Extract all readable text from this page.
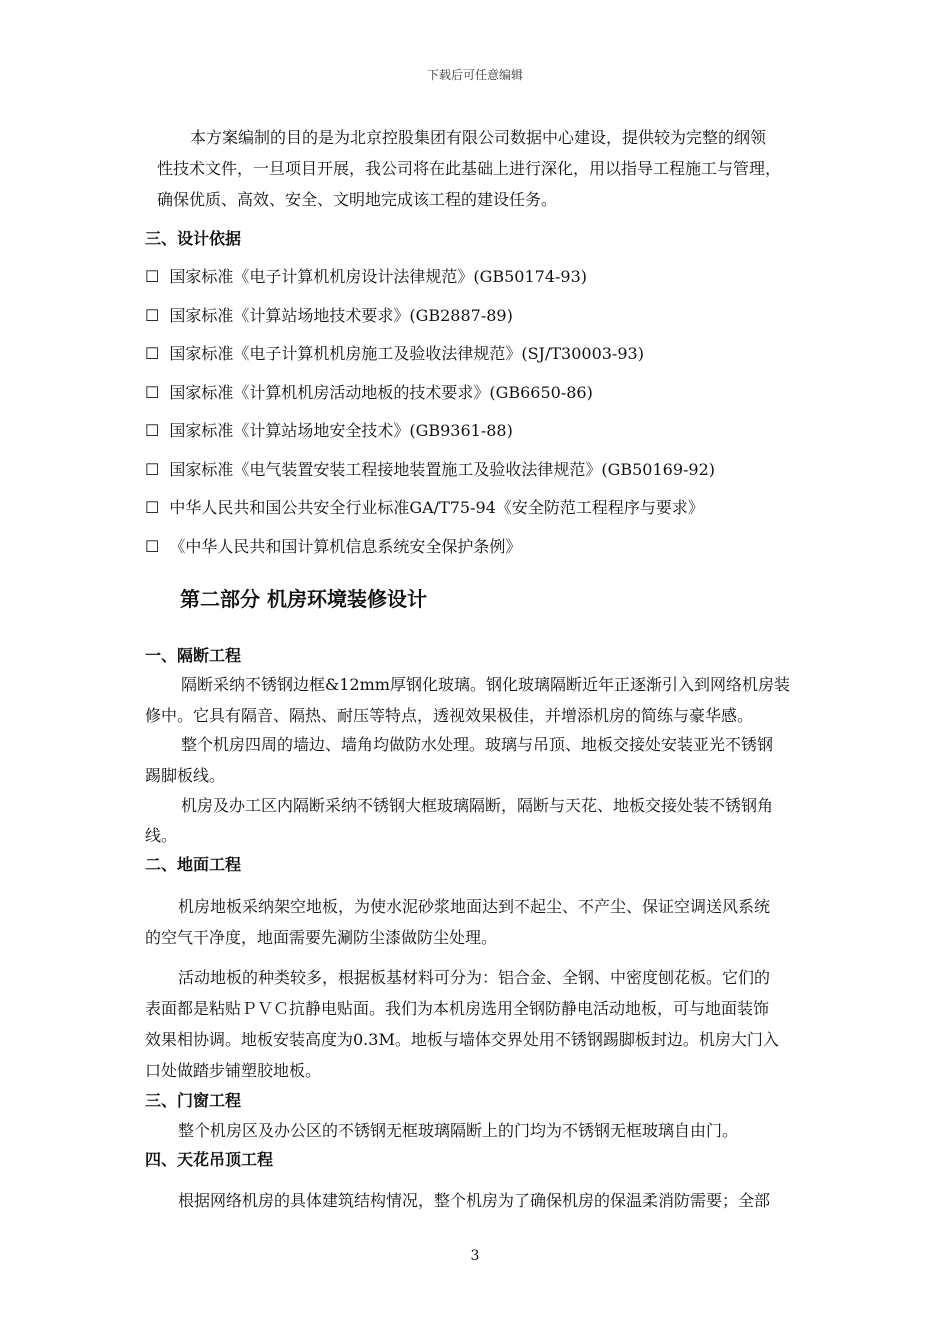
下载后可任意编辑
本方案编制的目的是为北京控股集团有限公司数据中心建设，提供较为完整的纲领
性技术文件，一旦项目开展，我公司将在此基础上进行深化，用以指导工程施工与管理，
确保优质、高效、安全、文明地完成该工程的建设任务。
三、设计依据
☐ 国家标准《电子计算机机房设计法律规范》(GB50174-93)
☐ 国家标准《计算站场地技术要求》(GB2887-89)
☐ 国家标准《电子计算机机房施工及验收法律规范》(SJ/T30003-93)
☐ 国家标准《计算机机房活动地板的技术要求》(GB6650-86)
☐ 国家标准《计算站场地安全技术》(GB9361-88)
☐ 国家标准《电气装置安装工程接地装置施工及验收法律规范》(GB50169-92)
☐ 中华人民共和国公共安全行业标准GA/T75-94《安全防范工程程序与要求》
☐ 《中华人民共和国计算机信息系统安全保护条例》
第二部分 机房环境装修设计
一、隔断工程
隔断采纳不锈钢边框&12mm厚钢化玻璃。钢化玻璃隔断近年正逐渐引入到网络机房装
修中。它具有隔音、隔热、耐压等特点，透视效果极佳，并增添机房的简练与豪华感。
整个机房四周的墙边、墙角均做防水处理。玻璃与吊顶、地板交接处安装亚光不锈钢
踢脚板线。
机房及办工区内隔断采纳不锈钢大框玻璃隔断，隔断与天花、地板交接处装不锈钢角
线。
二、地面工程
机房地板采纳架空地板，为使水泥砂浆地面达到不起尘、不产尘、保证空调送风系统
的空气干净度，地面需要先涮防尘漆做防尘处理。
活动地板的种类较多，根据板基材料可分为：铝合金、全钢、中密度刨花板。它们的
表面都是粘贴ＰＶＣ抗静电贴面。我们为本机房选用全钢防静电活动地板，可与地面装饰
效果相协调。地板安装高度为0.3M。地板与墙体交界处用不锈钢踢脚板封边。机房大门入
口处做踏步铺塑胶地板。
三、门窗工程
整个机房区及办公区的不锈钢无框玻璃隔断上的门均为不锈钢无框玻璃自由门。
四、天花吊顶工程
根据网络机房的具体建筑结构情况，整个机房为了确保机房的保温柔消防需要；全部
3
